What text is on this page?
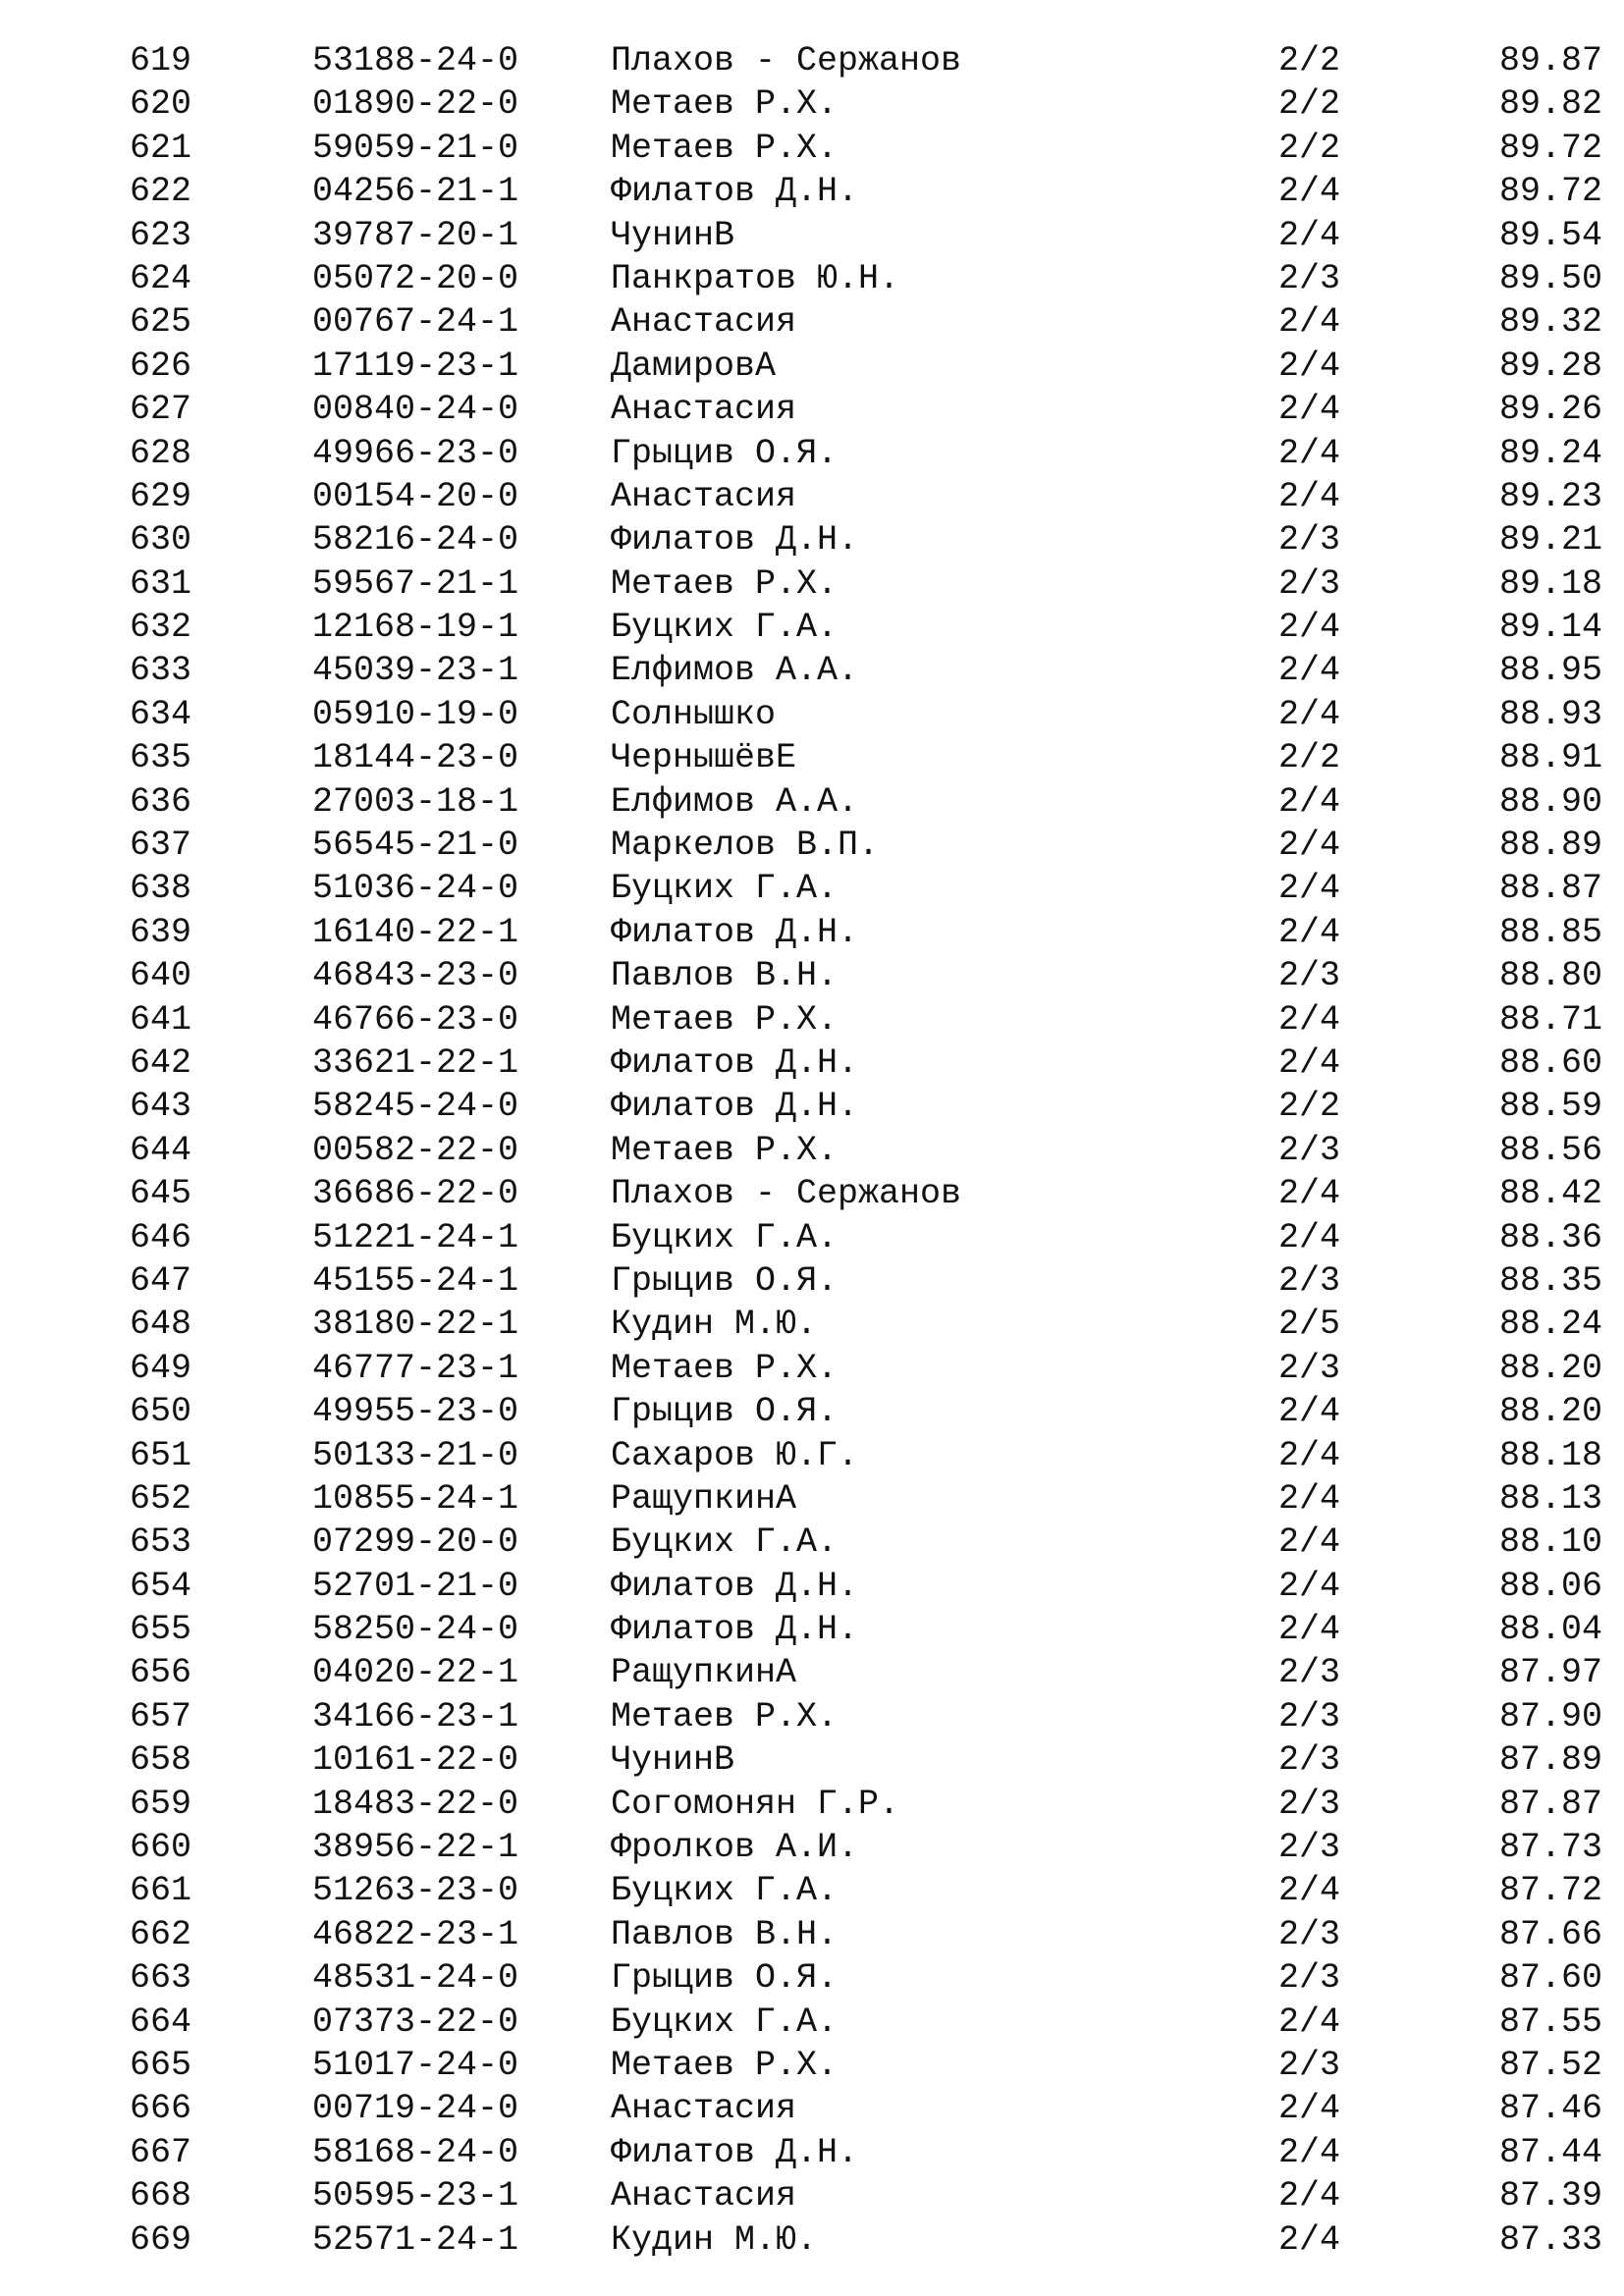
619	53188-24-0	Плахов - Сержанов	2/2	89.87
620	01890-22-0	Метаев Р.Х.	2/2	89.82
621	59059-21-0	Метаев Р.Х.	2/2	89.72
622	04256-21-1	Филатов Д.Н.	2/4	89.72
623	39787-20-1	ЧунинВ	2/4	89.54
624	05072-20-0	Панкратов Ю.Н.	2/3	89.50
625	00767-24-1	Анастасия	2/4	89.32
626	17119-23-1	ДамировА	2/4	89.28
627	00840-24-0	Анастасия	2/4	89.26
628	49966-23-0	Грыцив О.Я.	2/4	89.24
629	00154-20-0	Анастасия	2/4	89.23
630	58216-24-0	Филатов Д.Н.	2/3	89.21
631	59567-21-1	Метаев Р.Х.	2/3	89.18
632	12168-19-1	Буцких Г.А.	2/4	89.14
633	45039-23-1	Елфимов А.А.	2/4	88.95
634	05910-19-0	Солнышко	2/4	88.93
635	18144-23-0	ЧернышёвЕ	2/2	88.91
636	27003-18-1	Елфимов А.А.	2/4	88.90
637	56545-21-0	Маркелов В.П.	2/4	88.89
638	51036-24-0	Буцких Г.А.	2/4	88.87
639	16140-22-1	Филатов Д.Н.	2/4	88.85
640	46843-23-0	Павлов В.Н.	2/3	88.80
641	46766-23-0	Метаев Р.Х.	2/4	88.71
642	33621-22-1	Филатов Д.Н.	2/4	88.60
643	58245-24-0	Филатов Д.Н.	2/2	88.59
644	00582-22-0	Метаев Р.Х.	2/3	88.56
645	36686-22-0	Плахов - Сержанов	2/4	88.42
646	51221-24-1	Буцких Г.А.	2/4	88.36
647	45155-24-1	Грыцив О.Я.	2/3	88.35
648	38180-22-1	Кудин М.Ю.	2/5	88.24
649	46777-23-1	Метаев Р.Х.	2/3	88.20
650	49955-23-0	Грыцив О.Я.	2/4	88.20
651	50133-21-0	Сахаров Ю.Г.	2/4	88.18
652	10855-24-1	РащупкинА	2/4	88.13
653	07299-20-0	Буцких Г.А.	2/4	88.10
654	52701-21-0	Филатов Д.Н.	2/4	88.06
655	58250-24-0	Филатов Д.Н.	2/4	88.04
656	04020-22-1	РащупкинА	2/3	87.97
657	34166-23-1	Метаев Р.Х.	2/3	87.90
658	10161-22-0	ЧунинВ	2/3	87.89
659	18483-22-0	Согомонян Г.Р.	2/3	87.87
660	38956-22-1	Фролков А.И.	2/3	87.73
661	51263-23-0	Буцких Г.А.	2/4	87.72
662	46822-23-1	Павлов В.Н.	2/3	87.66
663	48531-24-0	Грыцив О.Я.	2/3	87.60
664	07373-22-0	Буцких Г.А.	2/4	87.55
665	51017-24-0	Метаев Р.Х.	2/3	87.52
666	00719-24-0	Анастасия	2/4	87.46
667	58168-24-0	Филатов Д.Н.	2/4	87.44
668	50595-23-1	Анастасия	2/4	87.39
669	52571-24-1	Кудин М.Ю.	2/4	87.33
